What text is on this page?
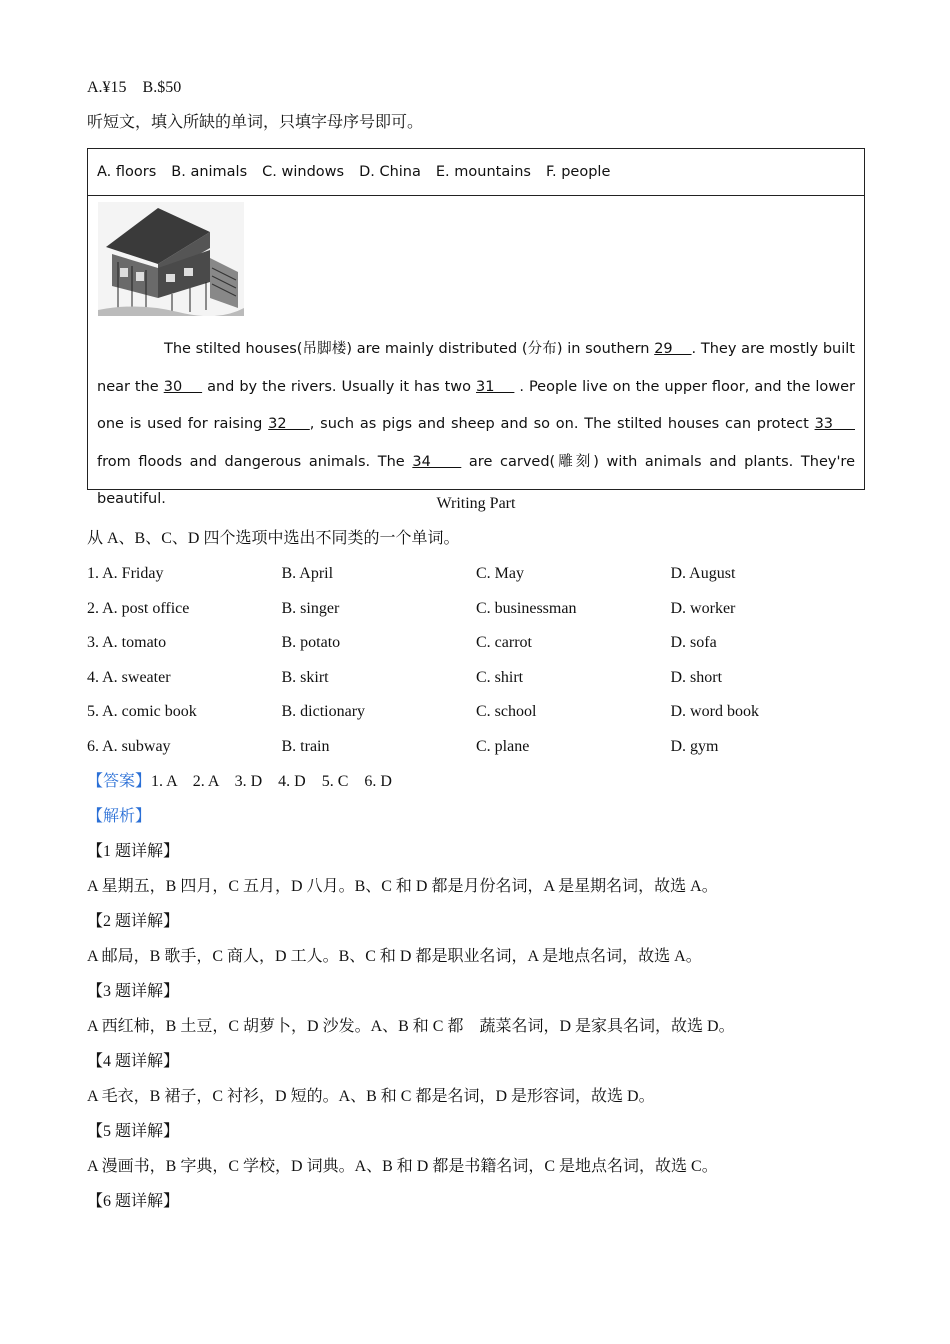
A.¥15    B.$50
听短文，填入所缺的单词，只填字母序号即可。
A. floors B. animals C. windows D. China E. mountains F. people
The stilted houses(吊脚楼) are mainly distributed (分布) in southern 29    . They are mostly built near the 30     and by the rivers. Usually it has two 31     . People live on the upper floor, and the lower one is used for raising 32    , such as pigs and sheep and so on. The stilted houses can protect 33     from floods and dangerous animals. The 34     are carved(雕刻) with animals and plants. They're beautiful.	Writing Part
从 A、B、C、D 四个选项中选出不同类的一个单词。
1. A. Friday	B. April	C. May	D. August
2. A. post office	B. singer	C. businessman	D. worker
3. A. tomato	B. potato	C. carrot	D. sofa
4. A. sweater	B. skirt	C. shirt	D. short
5. A. comic book	B. dictionary	C. school	D. word book
6. A. subway	B. train	C. plane	D. gym
【答案】 1. A    2. A    3. D    4. D    5. C    6. D
【解析】
【1 题详解】
A 星期五，B 四月，C 五月，D 八月。B、C 和 D 都是月份名词，A 是星期名词，故选 A。
【2 题详解】
A 邮局，B 歌手，C 商人，D 工人。B、C 和 D 都是职业名词，A 是地点名词，故选 A。
【3 题详解】
A 西红柿，B 土豆，C 胡萝卜，D 沙发。A、B 和 C 都    蔬菜名词，D 是家具名词，故选 D。
【4 题详解】
A 毛衣，B 裙子，C 衬衫，D 短的。A、B 和 C 都是名词，D 是形容词，故选 D。
【5 题详解】
A 漫画书，B 字典，C 学校，D 词典。A、B 和 D 都是书籍名词，C 是地点名词，故选 C。
【6 题详解】
